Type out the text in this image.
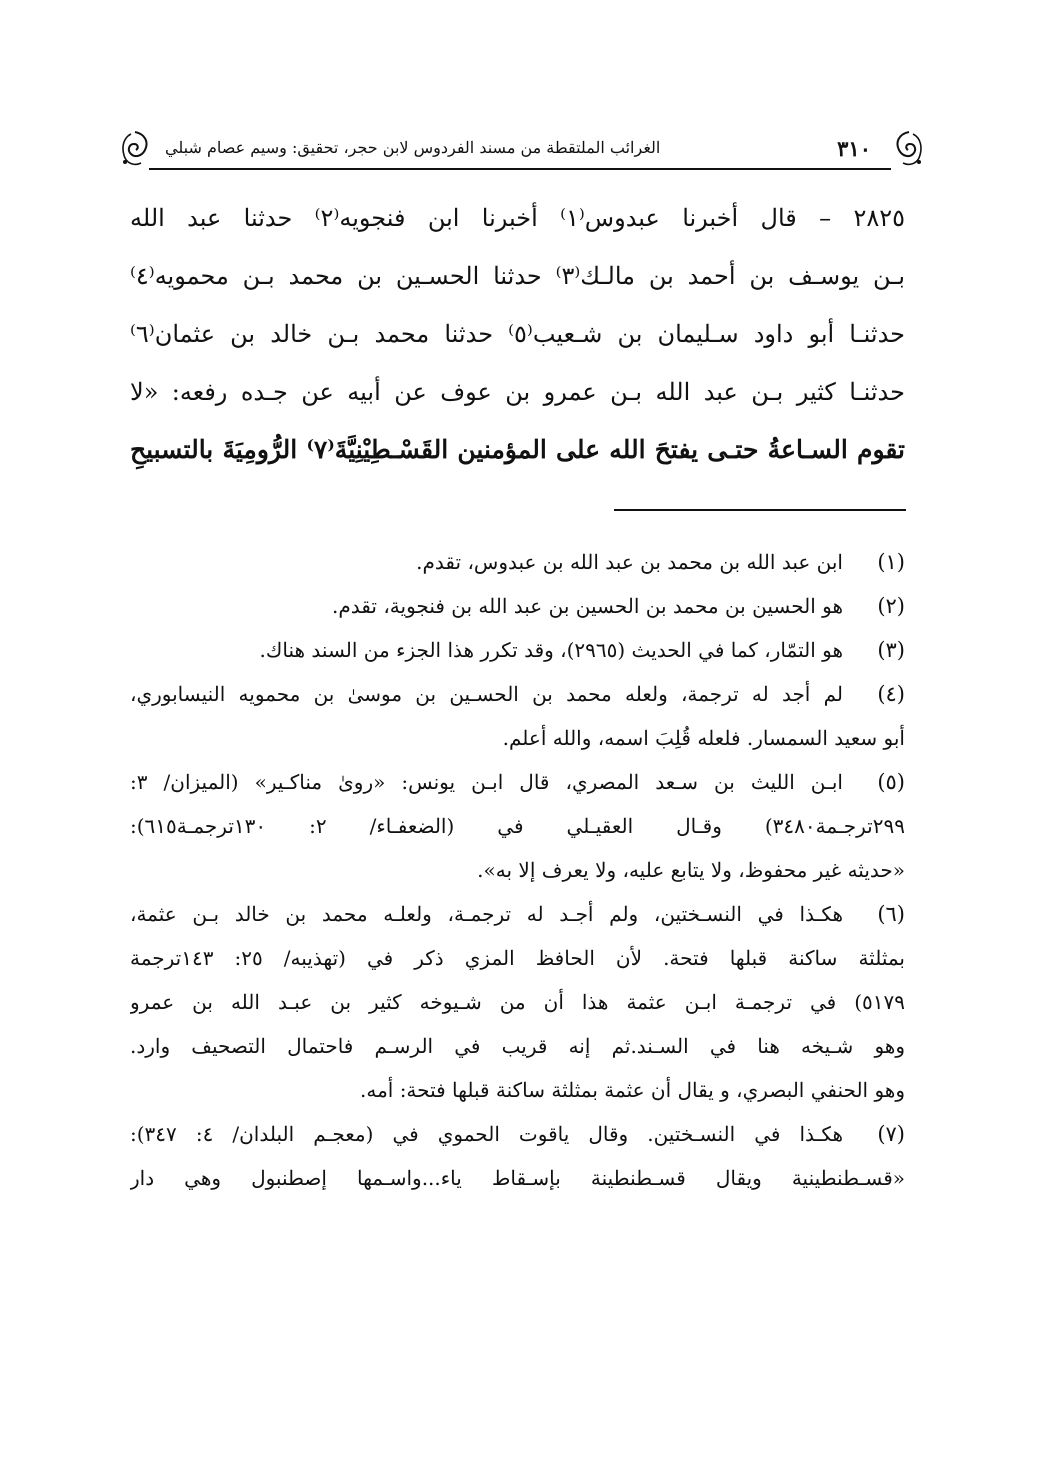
٣١٠
الغرائب الملتقطة من مسند الفردوس لابن حجر، تحقيق: وسيم عصام شبلي
٢٨٢٥ – قال أخبرنا عبدوس⁽١⁾ أخبرنا ابن فنجويه⁽٢⁾ حدثنا عبد الله
بـن يوسـف بن أحمد بن مالـك⁽٣⁾ حدثنا الحسـين بن محمد بـن محمويه⁽٤⁾
حدثنـا أبو داود سـليمان بن شـعيب⁽٥⁾ حدثنا محمد بـن خالد بن عثمان⁽٦⁾
حدثنـا كثير بـن عبد الله بـن عمرو بن عوف عن أبيه عن جـده رفعه: «لا
تقوم السـاعةُ حتـى يفتحَ الله على المؤمنين القَسْـطِيْنِيَّةَ⁽٧⁾ الرُّومِيَةَ بالتسبيحِ
(١)
ابن عبد الله بن محمد بن عبد الله بن عبدوس، تقدم.
(٢)
هو الحسين بن محمد بن الحسين بن عبد الله بن فنجوية، تقدم.
(٣)
هو التمّار، كما في الحديث (٢٩٦٥)، وقد تكرر هذا الجزء من السند هناك.
(٤)
لم أجد له ترجمة، ولعله محمد بن الحسـين بن موسىٰ بن محمويه النيسابوري،
أبو سعيد السمسار. فلعله قُلِبَ اسمه، والله أعلم.
(٥)
ابـن الليث بن سـعد المصري، قال ابـن يونس: «روىٰ مناكـير» (الميزان/ ٣:
٢٩٩ترجـمة٣٤٨٠) وقـال العقيـلي في (الضعفـاء/ ٢: ١٣٠ترجمـة٦١٥):
«حديثه غير محفوظ، ولا يتابع عليه، ولا يعرف إلا به».
(٦)
هكـذا في النسـختين، ولم أجـد له ترجمـة، ولعلـه محمد بن خالد بـن عثمة،
بمثلثة ساكنة قبلها فتحة. لأن الحافظ المزي ذكر في (تهذيبه/ ٢٥: ١٤٣ترجمة
٥١٧٩) في ترجمـة ابـن عثمة هذا أن من شـيوخه كثير بن عبـد الله بن عمرو
وهو شـيخه هنا في السـند.ثم إنه قريب في الرسـم فاحتمال التصحيف وارد.
وهو الحنفي البصري، و يقال أن عثمة بمثلثة ساكنة قبلها فتحة: أمه.
(٧)
هكـذا في النسـختين. وقال ياقوت الحموي في (معجـم البلدان/ ٤: ٣٤٧):
«قسـطنطينية ويقال قسـطنطينة بإسـقاط ياء...واسـمها إصطنبول وهي دار
